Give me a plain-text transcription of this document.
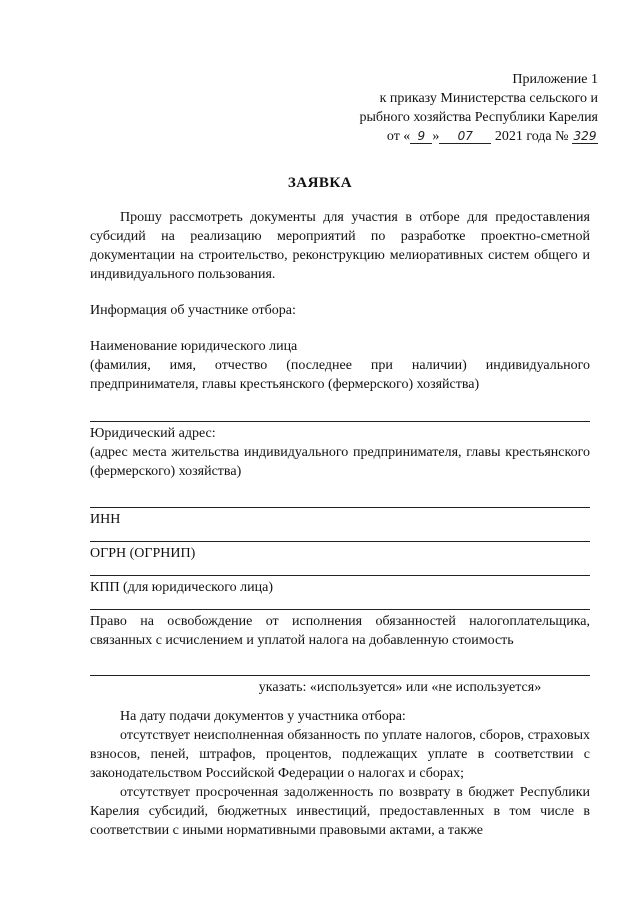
Приложение 1
к приказу Министерства сельского и
рыбного хозяйства Республики Карелия
от « 9 » 07 2021 года № 329
ЗАЯВКА

Прошу рассмотреть документы для участия в отборе для предоставления субсидий на реализацию мероприятий по разработке проектно-сметной документации на строительство, реконструкцию мелиоративных систем общего и индивидуального пользования.

Информация об участнике отбора:

Наименование юридического лица

(фамилия, имя, отчество (последнее при наличии) индивидуального предпринимателя, главы крестьянского (фермерского) хозяйства)

Юридический адрес:

(адрес места жительства индивидуального предпринимателя, главы крестьянского (фермерского) хозяйства)

ИНН

ОГРН (ОГРНИП)

КПП (для юридического лица)

Право на освобождение от исполнения обязанностей налогоплательщика, связанных с исчислением и уплатой налога на добавленную стоимость

указать: «используется» или «не используется»

На дату подачи документов у участника отбора:

отсутствует неисполненная обязанность по уплате налогов, сборов, страховых взносов, пеней, штрафов, процентов, подлежащих уплате в соответствии с законодательством Российской Федерации о налогах и сборах;

отсутствует просроченная задолженность по возврату в бюджет Республики Карелия субсидий, бюджетных инвестиций, предоставленных в том числе в соответствии с иными нормативными правовыми актами, а также
